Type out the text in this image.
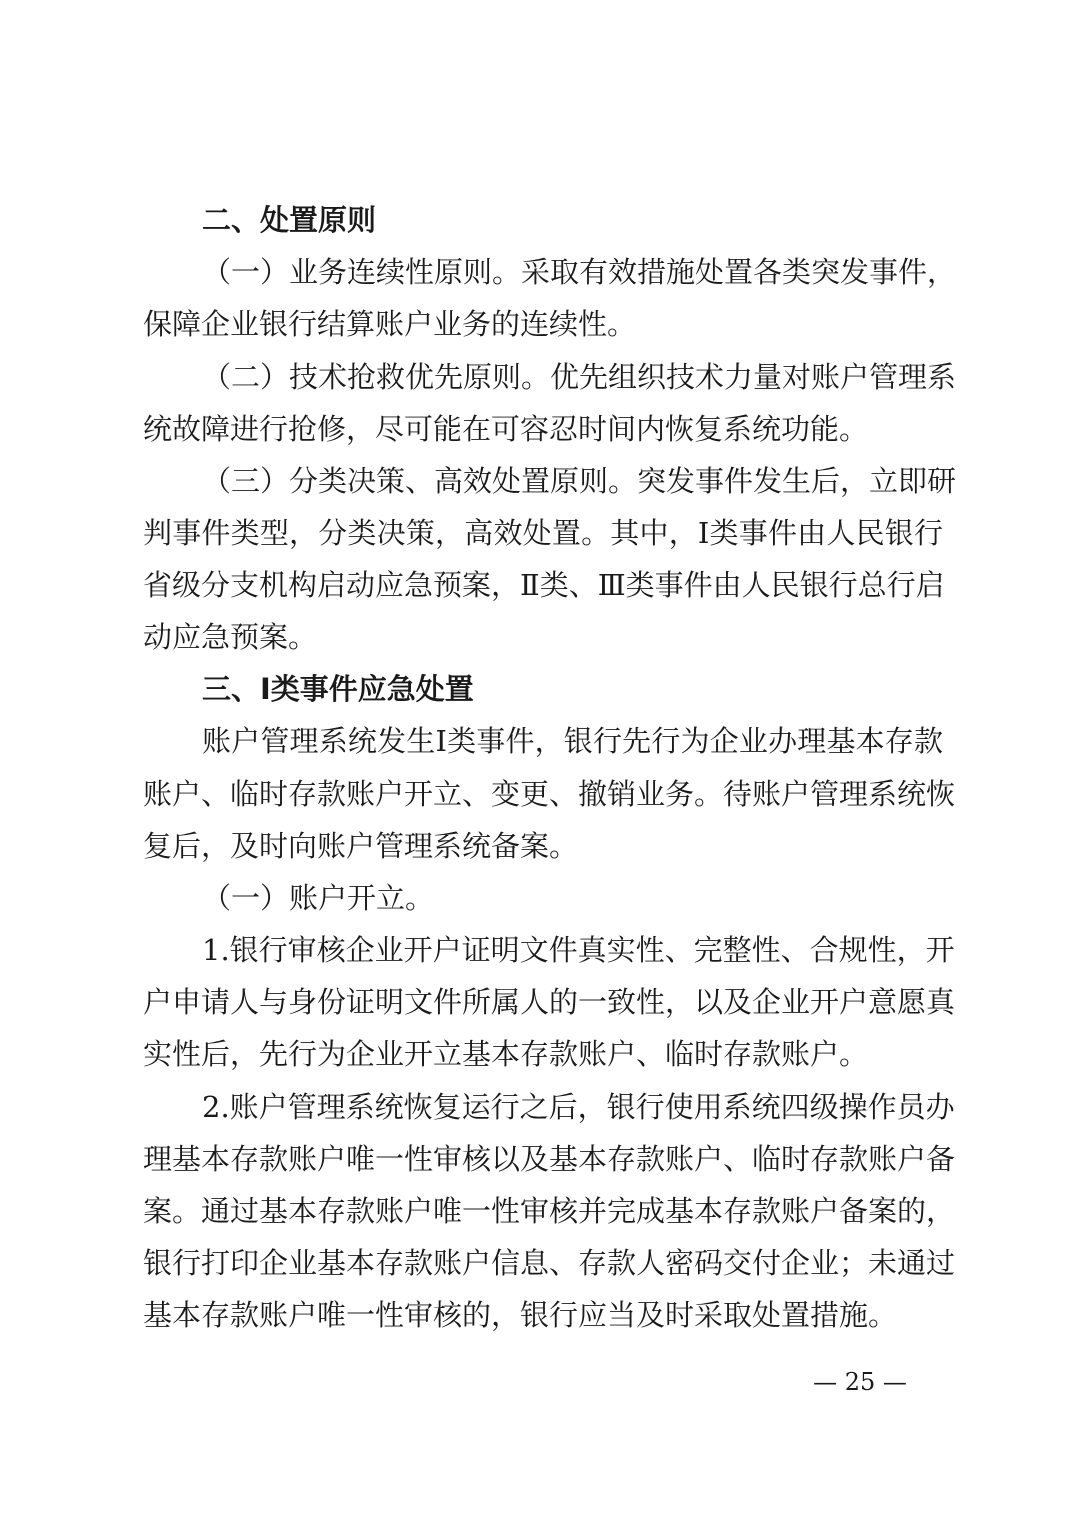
二、处置原则
（一）业务连续性原则。采取有效措施处置各类突发事件，
保障企业银行结算账户业务的连续性。
（二）技术抢救优先原则。优先组织技术力量对账户管理系
统故障进行抢修，尽可能在可容忍时间内恢复系统功能。
（三）分类决策、高效处置原则。突发事件发生后，立即研
判事件类型，分类决策，高效处置。其中，Ⅰ类事件由人民银行
省级分支机构启动应急预案，Ⅱ类、Ⅲ类事件由人民银行总行启
动应急预案。
三、Ⅰ类事件应急处置
账户管理系统发生Ⅰ类事件，银行先行为企业办理基本存款
账户、临时存款账户开立、变更、撤销业务。待账户管理系统恢
复后，及时向账户管理系统备案。
（一）账户开立。
1.银行审核企业开户证明文件真实性、完整性、合规性，开
户申请人与身份证明文件所属人的一致性，以及企业开户意愿真
实性后，先行为企业开立基本存款账户、临时存款账户。
2.账户管理系统恢复运行之后，银行使用系统四级操作员办
理基本存款账户唯一性审核以及基本存款账户、临时存款账户备
案。通过基本存款账户唯一性审核并完成基本存款账户备案的，
银行打印企业基本存款账户信息、存款人密码交付企业；未通过
基本存款账户唯一性审核的，银行应当及时采取处置措施。
— 25 —
